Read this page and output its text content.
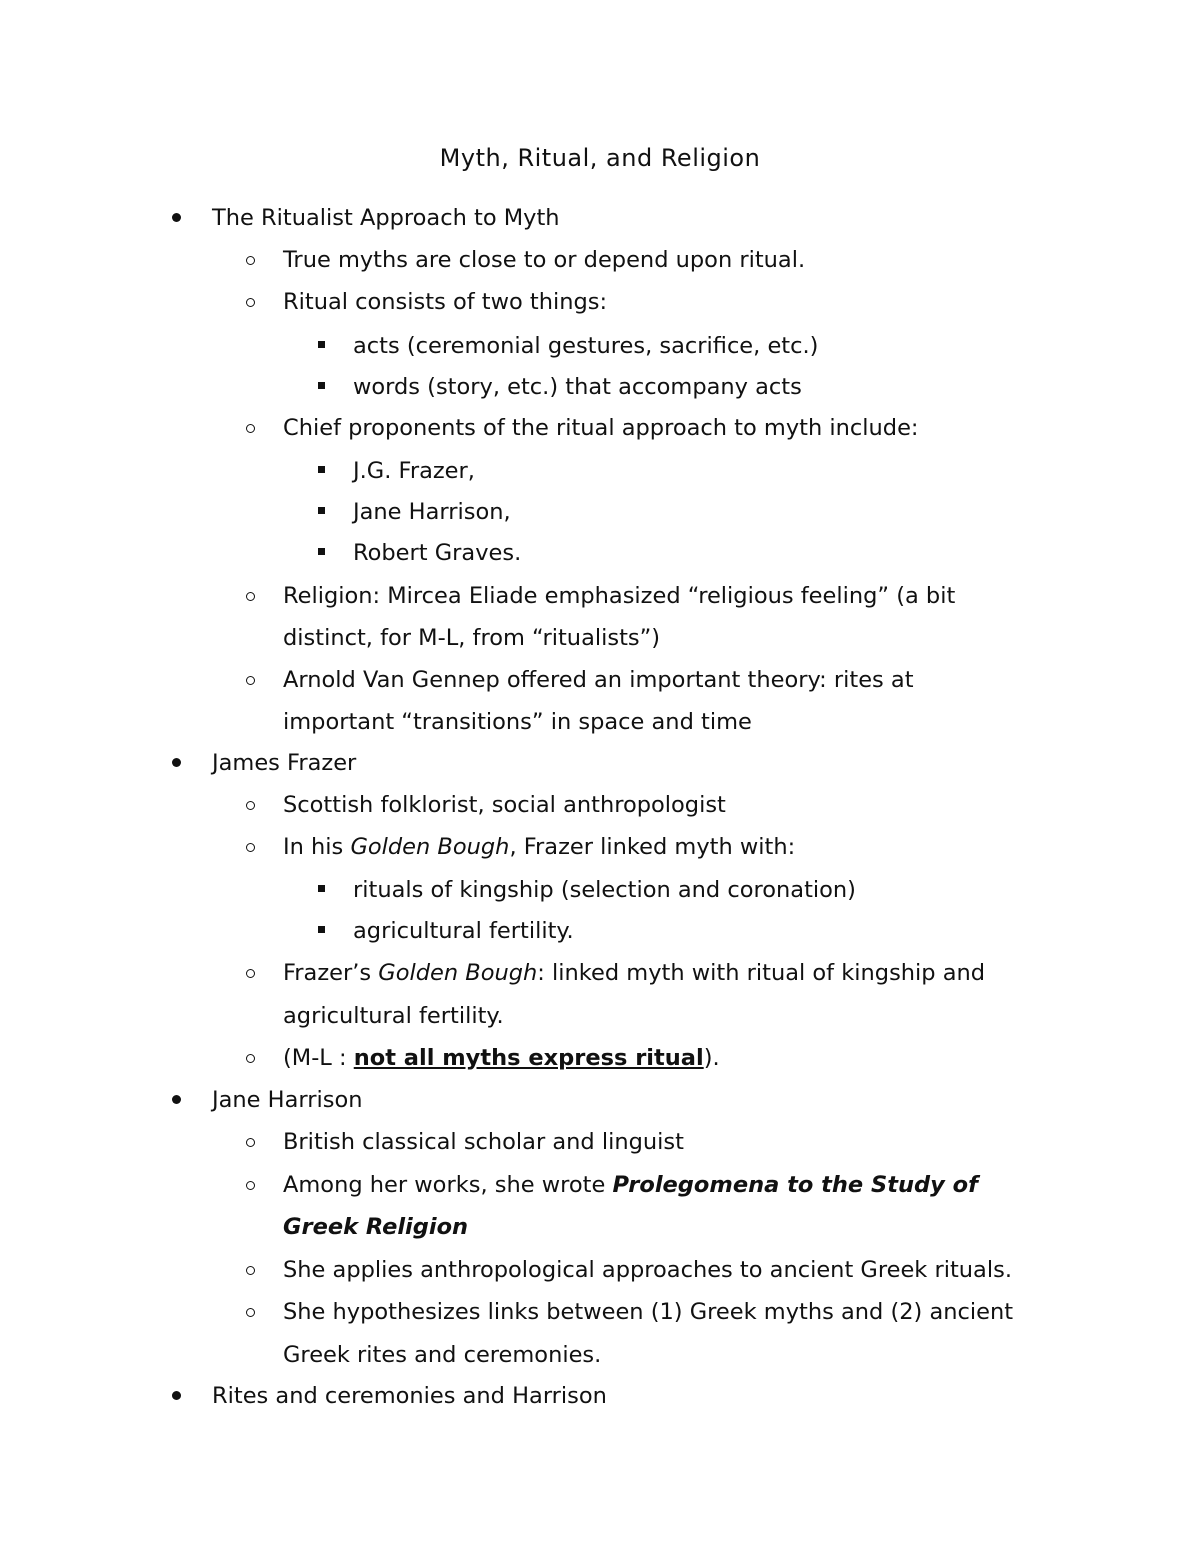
Myth, Ritual, and Religion
The Ritualist Approach to Myth
True myths are close to or depend upon ritual.
Ritual consists of two things:
acts (ceremonial gestures, sacrifice, etc.)
words (story, etc.) that accompany acts
Chief proponents of the ritual approach to myth include:
J.G. Frazer,
Jane Harrison,
Robert Graves.
Religion: Mircea Eliade emphasized “religious feeling” (a bit
distinct, for M-L, from “ritualists”)
Arnold Van Gennep offered an important theory: rites at
important “transitions” in space and time
James Frazer
Scottish folklorist, social anthropologist
In his Golden Bough, Frazer linked myth with:
rituals of kingship (selection and coronation)
agricultural fertility.
Frazer’s Golden Bough: linked myth with ritual of kingship and
agricultural fertility.
(M-L : not all myths express ritual).
Jane Harrison
British classical scholar and linguist
Among her works, she wrote Prolegomena to the Study of
Greek Religion
She applies anthropological approaches to ancient Greek rituals.
She hypothesizes links between (1) Greek myths and (2) ancient
Greek rites and ceremonies.
Rites and ceremonies and Harrison
